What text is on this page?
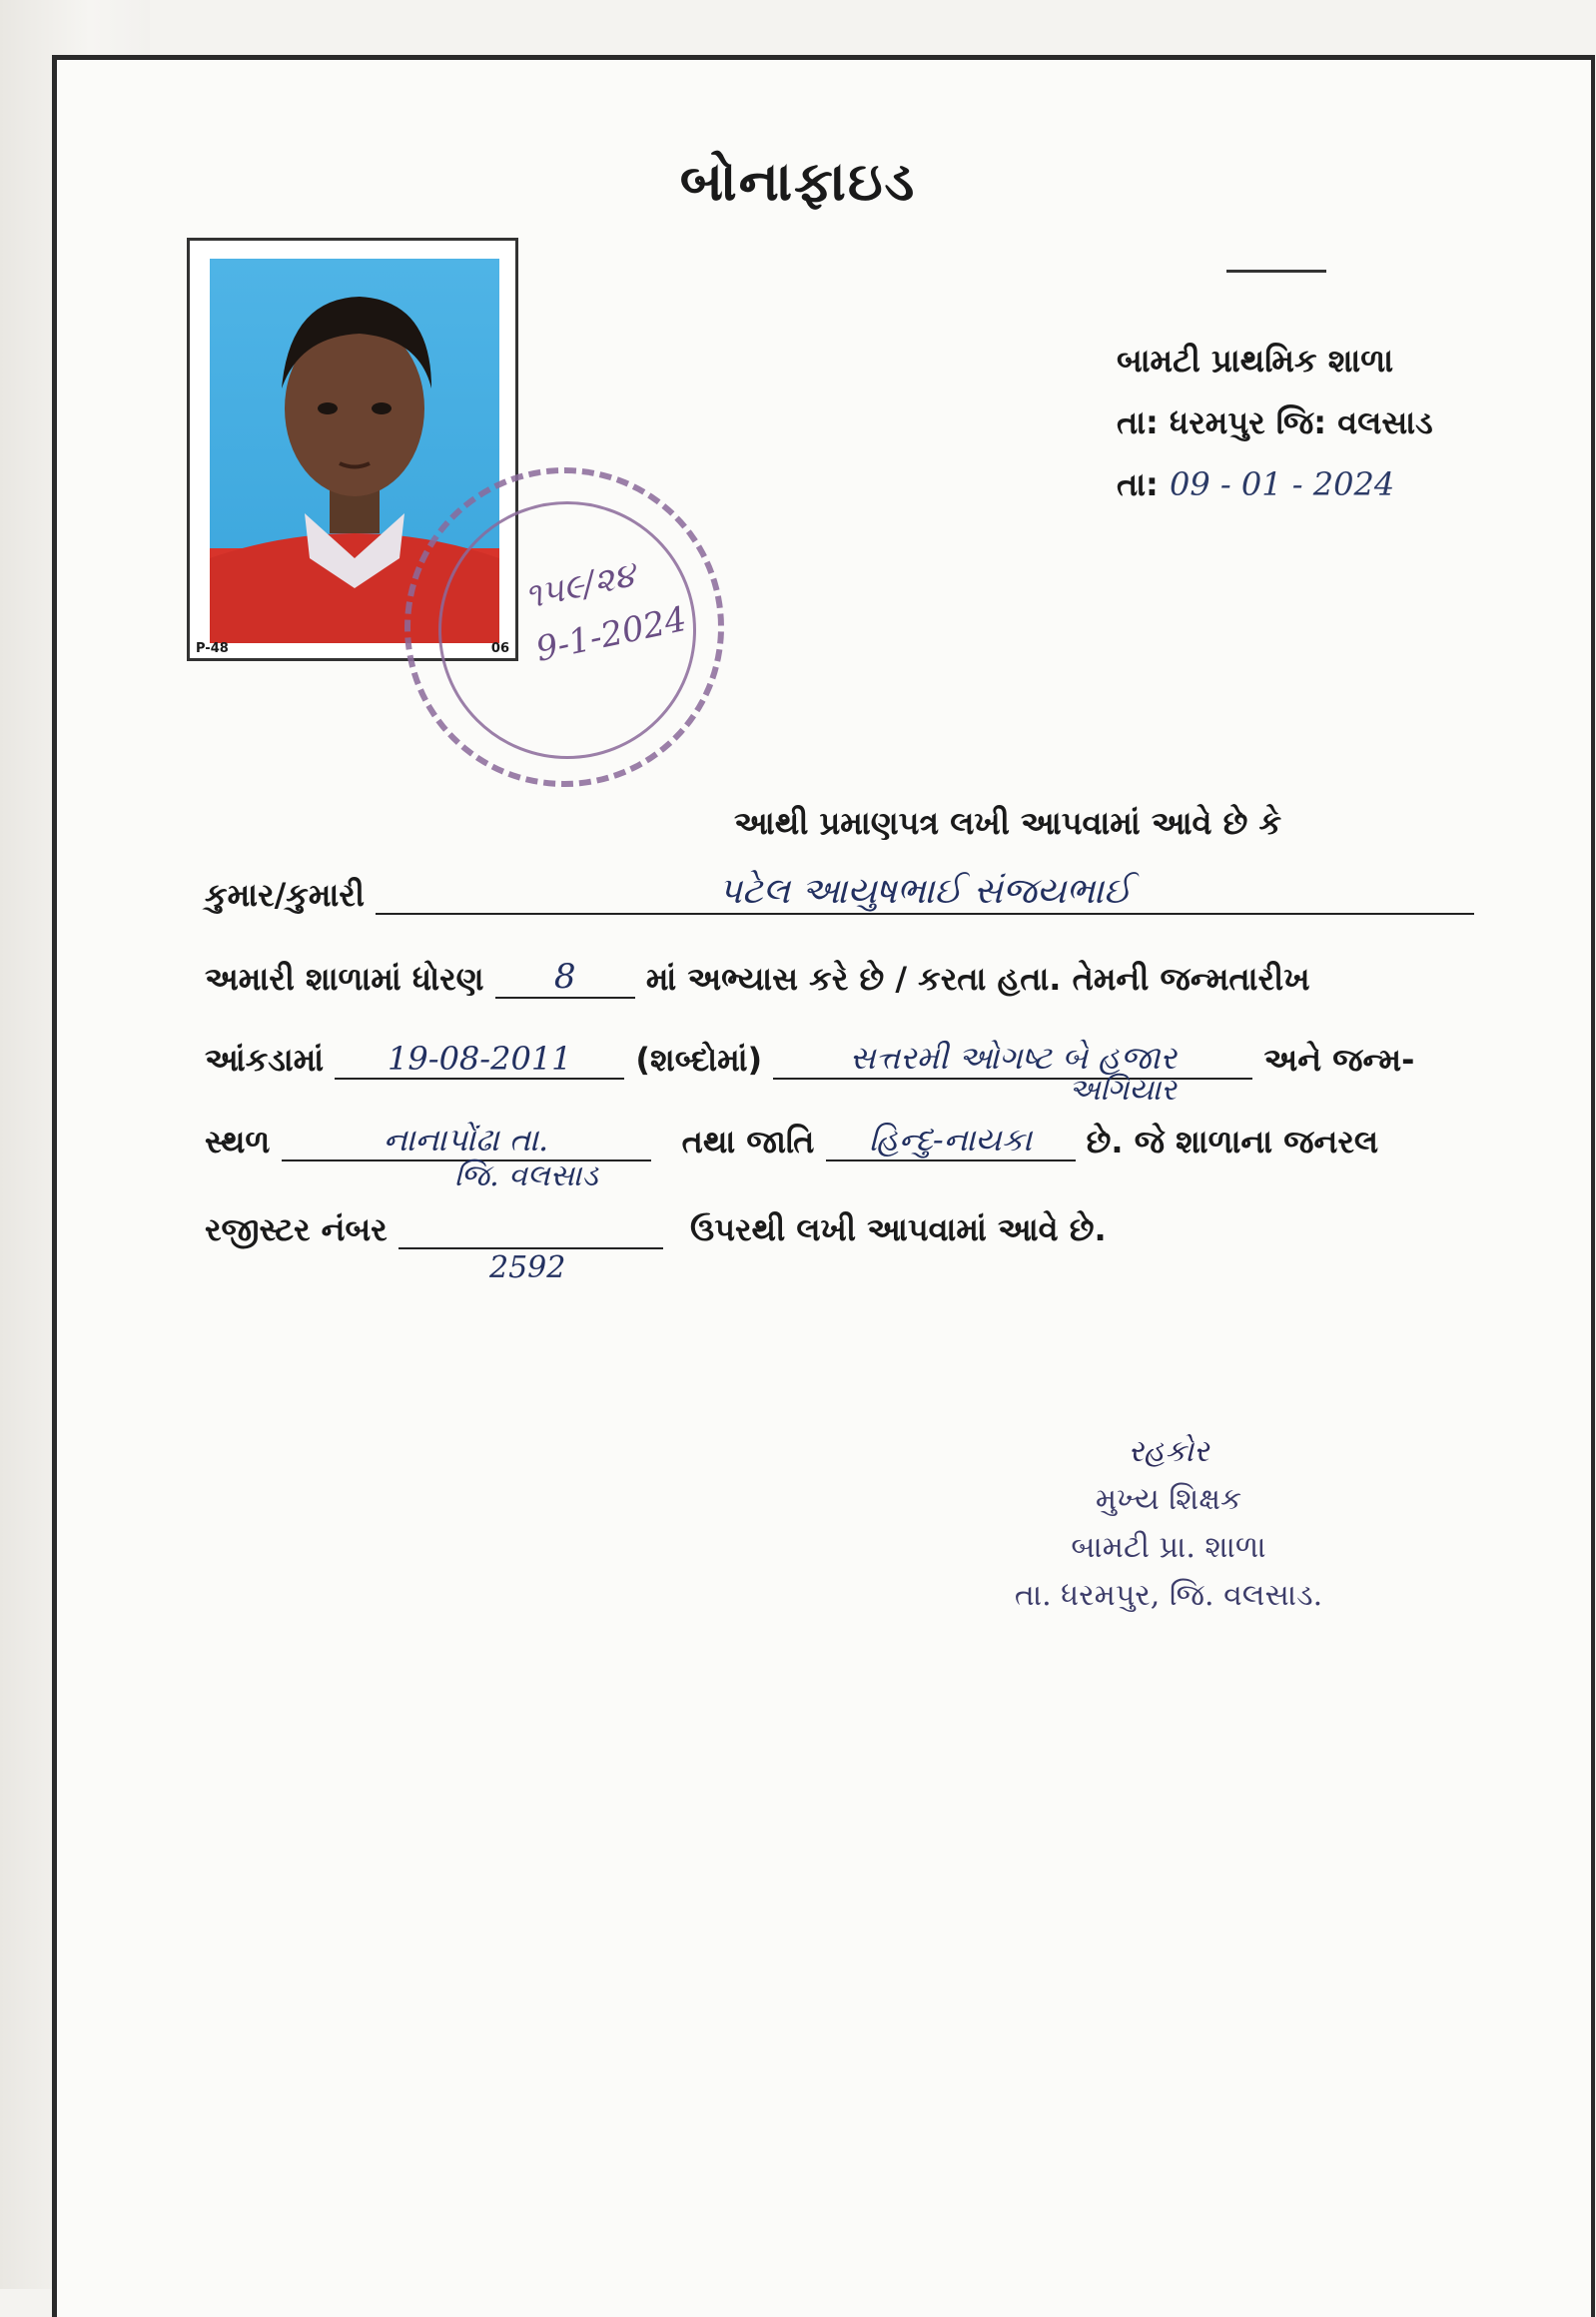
બોનાફાઇડ
બામટી પ્રાથમિક શાળા
તા: ધરમપુર જિ: વલસાડ
તા: 09 - 01 - 2024
P-48	06
૧૫૯/૨૪
9-1-2024
આથી પ્રમાણપત્ર લખી આપવામાં આવે છે કે
કુમાર/કુમારી	પટેલ આયુષભાઈ સંજયભાઈ
અમારી શાળામાં ધોરણ 8 માં અભ્યાસ કરે છે / કરતા હતા. તેમની જન્મતારીખ
આંકડામાં 19-08-2011 (શબ્દોમાં)	સત્તરમી ઓગષ્ટ બે હજાર	અને જન્મ-
અગિયાર
સ્થળ	નાનાપોંઢા તા.	તથા જાતિ હિન્દુ-નાયકા છે. જે શાળાના જનરલ
જિ. વલસાડ
રજીસ્ટર નંબર	ઉપરથી લખી આપવામાં આવે છે.
2592
રહકોર
મુખ્ય શિક્ષક
બામટી પ્રા. શાળા
તા. ધરમપુર, જિ. વલસાડ.
